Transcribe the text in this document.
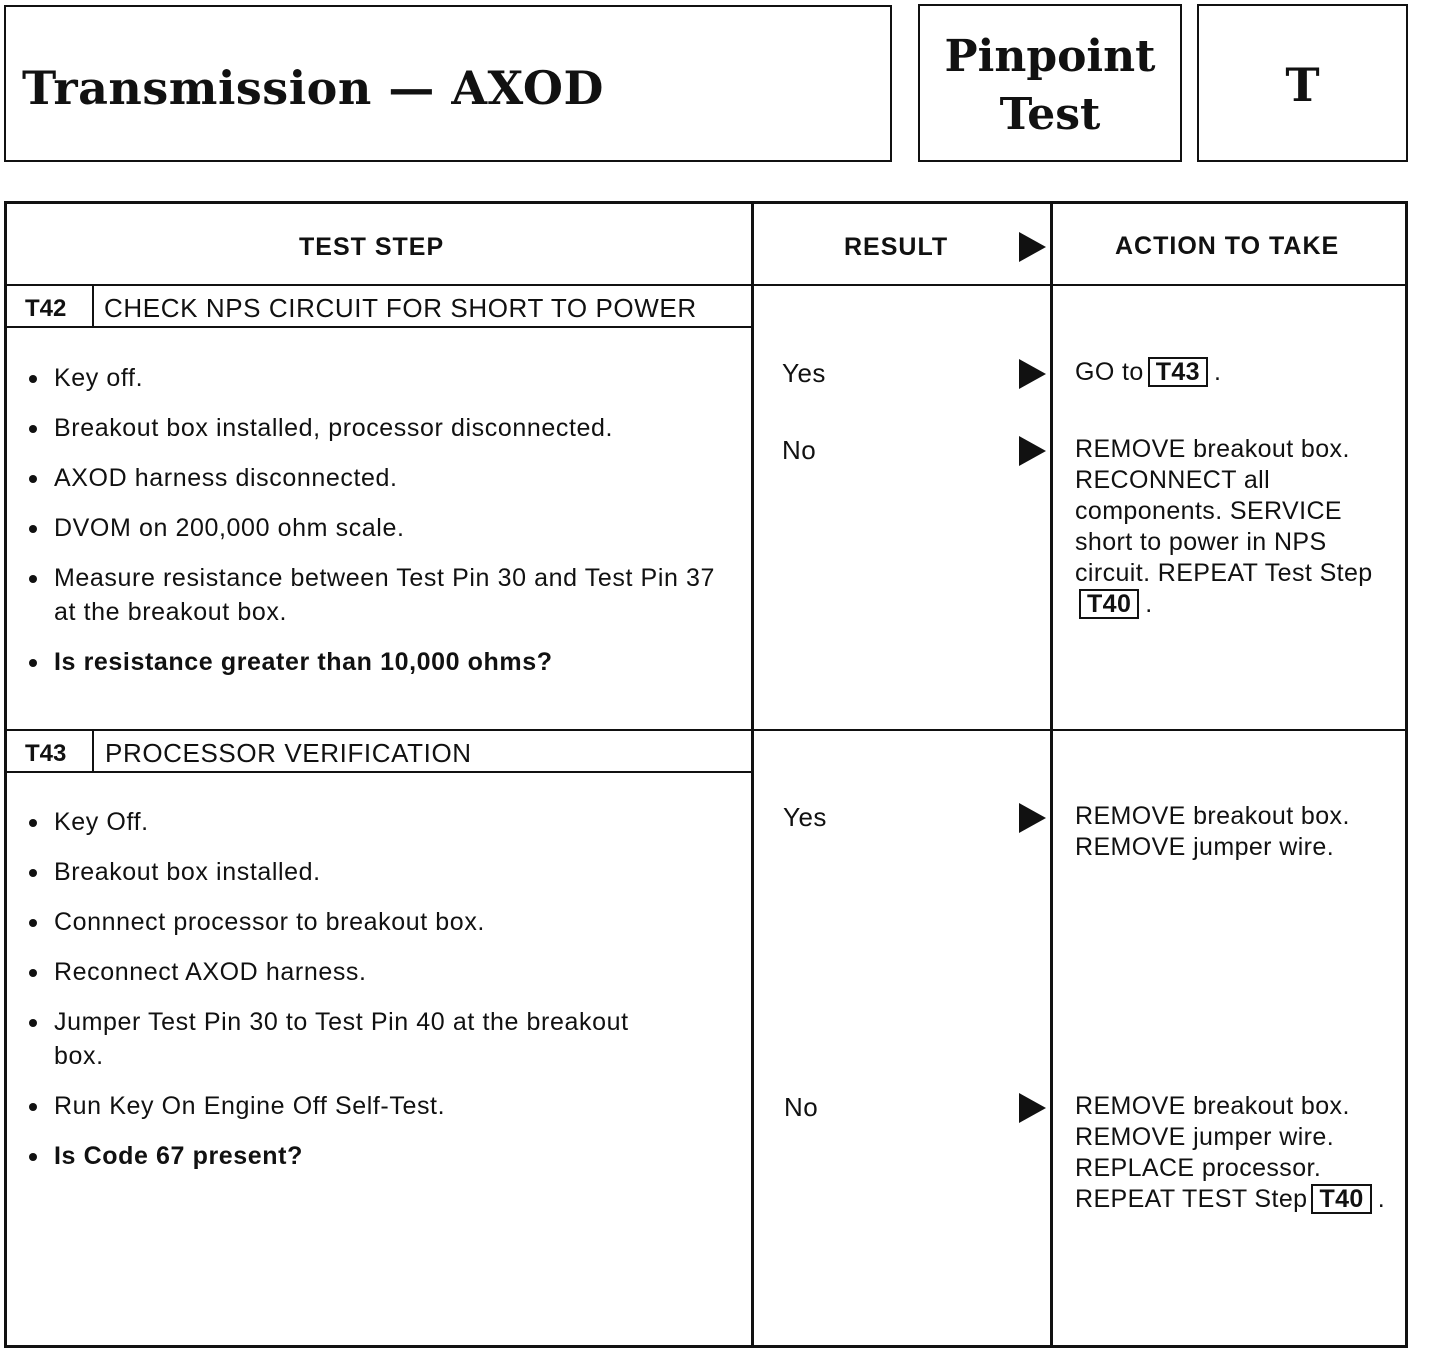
Transmission — AXOD
Pinpoint
Test
T
TEST STEP	RESULT	ACTION TO TAKE
T42 CHECK NPS CIRCUIT FOR SHORT TO POWER
Key off.
Breakout box installed, processor disconnected.
AXOD harness disconnected.
DVOM on 200,000 ohm scale.
Measure resistance between Test Pin 30 and Test Pin 37 at the breakout box.
Is resistance greater than 10,000 ohms?
Yes	GO to T43 .
No	REMOVE breakout box. RECONNECT all components. SERVICE short to power in NPS circuit. REPEAT Test StepT40 .
T43 PROCESSOR VERIFICATION
Key Off.
Breakout box installed.
Connnect processor to breakout box.
Reconnect AXOD harness.
Jumper Test Pin 30 to Test Pin 40 at the breakout box.
Run Key On Engine Off Self-Test.
Is Code 67 present?
Yes	REMOVE breakout box. REMOVE jumper wire.
No	REMOVE breakout box. REMOVE jumper wire. REPLACE processor. REPEAT TEST Step T40 .
